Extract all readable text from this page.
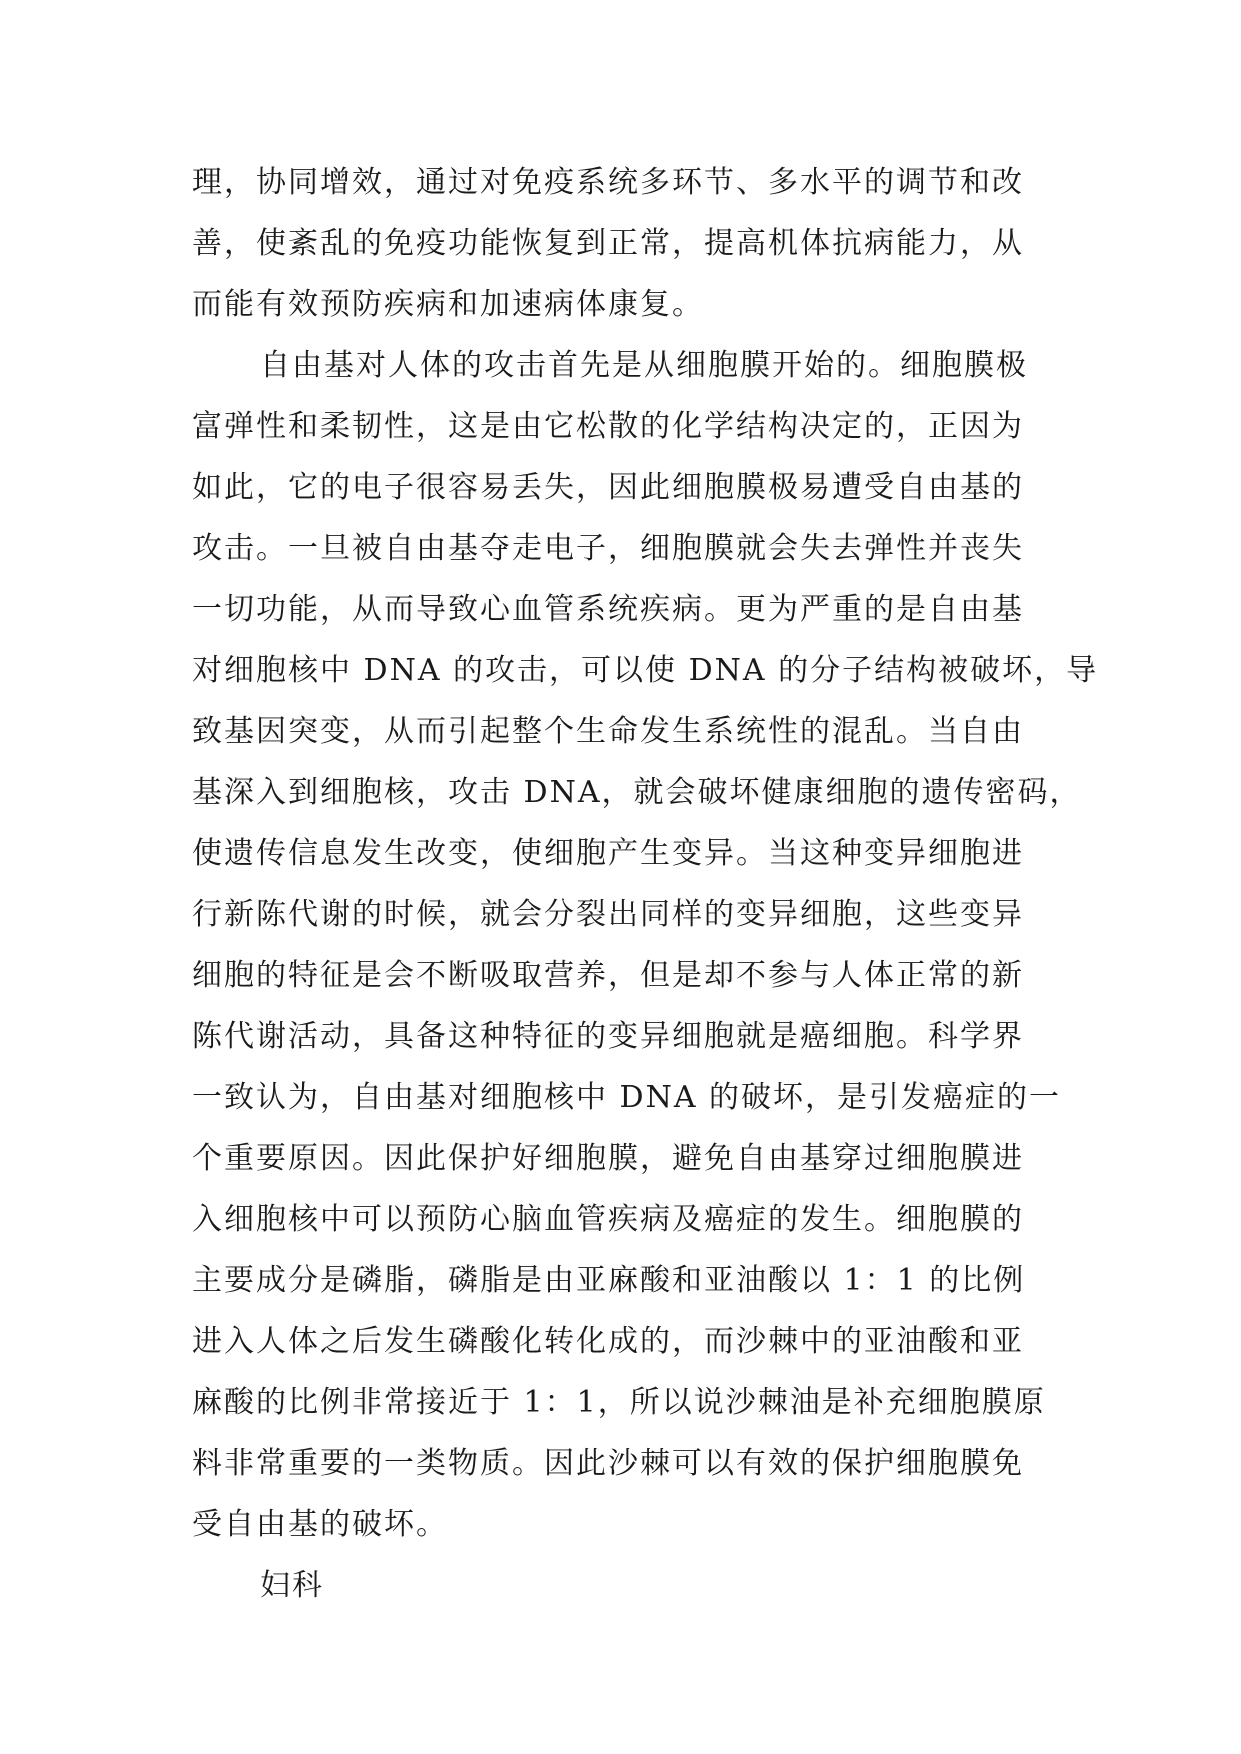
理，协同增效，通过对免疫系统多环节、多水平的调节和改
善，使紊乱的免疫功能恢复到正常，提高机体抗病能力，从
而能有效预防疾病和加速病体康复。
自由基对人体的攻击首先是从细胞膜开始的。细胞膜极
富弹性和柔韧性，这是由它松散的化学结构决定的，正因为
如此，它的电子很容易丢失，因此细胞膜极易遭受自由基的
攻击。一旦被自由基夺走电子，细胞膜就会失去弹性并丧失
一切功能，从而导致心血管系统疾病。更为严重的是自由基
对细胞核中 DNA 的攻击，可以使 DNA 的分子结构被破坏，导
致基因突变，从而引起整个生命发生系统性的混乱。当自由
基深入到细胞核，攻击 DNA，就会破坏健康细胞的遗传密码，
使遗传信息发生改变，使细胞产生变异。当这种变异细胞进
行新陈代谢的时候，就会分裂出同样的变异细胞，这些变异
细胞的特征是会不断吸取营养，但是却不参与人体正常的新
陈代谢活动，具备这种特征的变异细胞就是癌细胞。科学界
一致认为，自由基对细胞核中 DNA 的破坏，是引发癌症的一
个重要原因。因此保护好细胞膜，避免自由基穿过细胞膜进
入细胞核中可以预防心脑血管疾病及癌症的发生。细胞膜的
主要成分是磷脂，磷脂是由亚麻酸和亚油酸以 1：1 的比例
进入人体之后发生磷酸化转化成的，而沙棘中的亚油酸和亚
麻酸的比例非常接近于 1：1，所以说沙棘油是补充细胞膜原
料非常重要的一类物质。因此沙棘可以有效的保护细胞膜免
受自由基的破坏。
妇科
